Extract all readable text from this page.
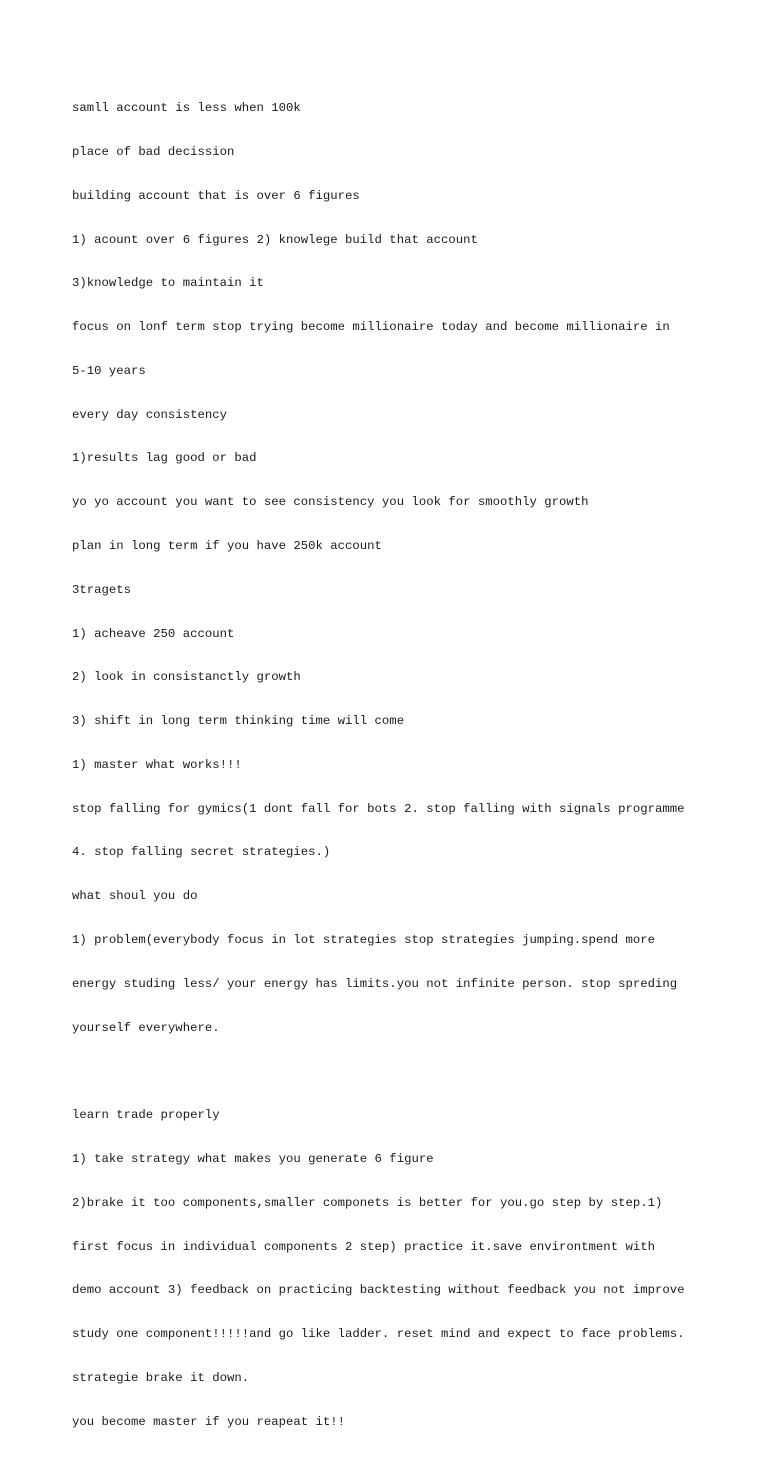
samll account is less when 100k

place of bad decission

building account that is over 6 figures

1) acount over 6 figures 2) knowlege build that account

3)knowledge to maintain it

focus on lonf term stop trying become millionaire today and become millionaire in

5-10 years

every day consistency

1)results lag good or bad

yo yo account you want to see consistency you look for smoothly growth

plan in long term if you have 250k account

3tragets

1) acheave 250 account

2) look in consistanctly growth

3) shift in long term thinking time will come

1) master what works!!!

stop falling for gymics(1 dont fall for bots 2. stop falling with signals programme

4. stop falling secret strategies.)

what shoul you do

1) problem(everybody focus in lot strategies stop strategies jumping.spend more

energy studing less/ your energy has limits.you not infinite person. stop spreding

yourself everywhere.

learn trade properly

1) take strategy what makes you generate 6 figure

2)brake it too components,smaller componets is better for you.go step by step.1)

first focus in individual components 2 step) practice it.save environtment with

demo account 3) feedback on practicing backtesting without feedback you not improve

study one component!!!!!and go like ladder. reset mind and expect to face problems.

strategie brake it down.

you become master if you reapeat it!!
